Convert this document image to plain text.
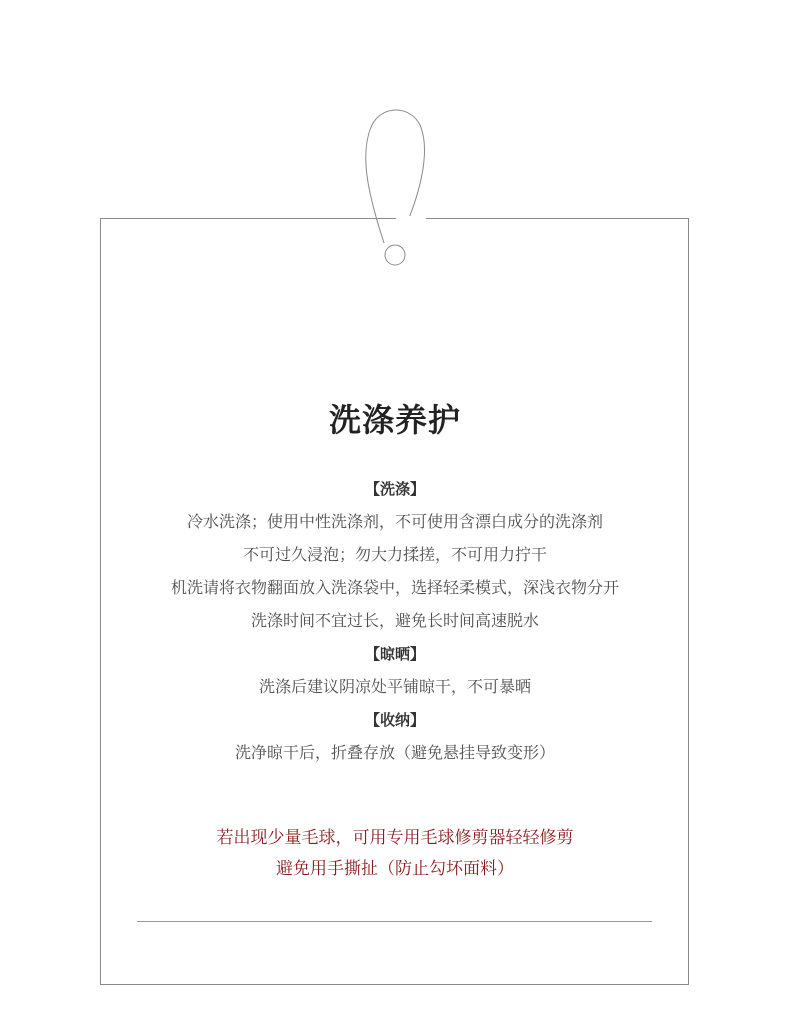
洗涤养护
【洗涤】
冷水洗涤；使用中性洗涤剂，不可使用含漂白成分的洗涤剂
不可过久浸泡；勿大力揉搓，不可用力拧干
机洗请将衣物翻面放入洗涤袋中，选择轻柔模式，深浅衣物分开
洗涤时间不宜过长，避免长时间高速脱水
【晾晒】
洗涤后建议阴凉处平铺晾干，不可暴晒
【收纳】
洗净晾干后，折叠存放（避免悬挂导致变形）
若出现少量毛球，可用专用毛球修剪器轻轻修剪
避免用手撕扯（防止勾坏面料）
